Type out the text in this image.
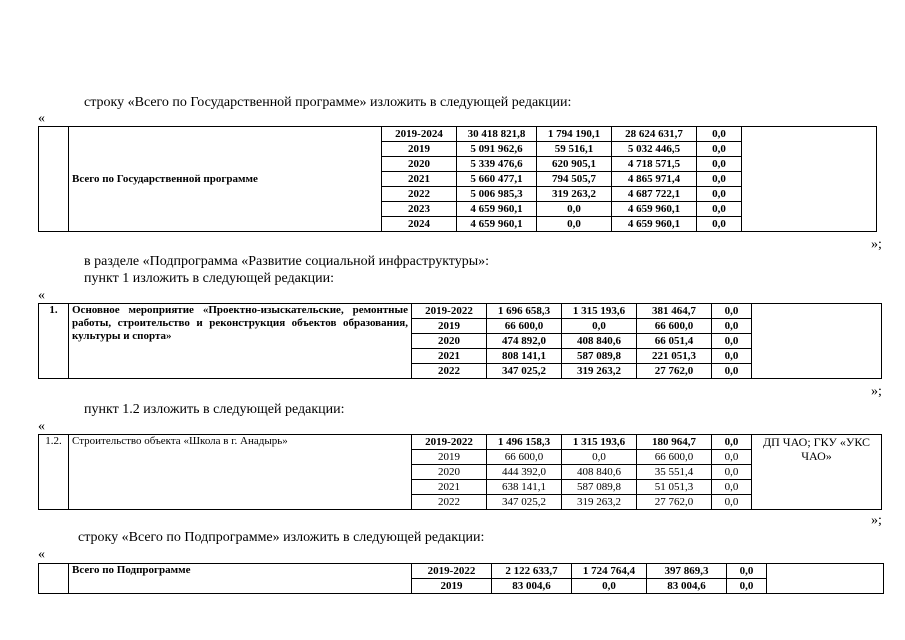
строку «Всего по Государственной программе» изложить в следующей редакции:
«
	Всего по Государственной программе	2019-2024	30 418 821,8	1 794 190,1	28 624 631,7	0,0	
		2019	5 091 962,6	59 516,1	5 032 446,5	0,0	
		2020	5 339 476,6	620 905,1	4 718 571,5	0,0	
		2021	5 660 477,1	794 505,7	4 865 971,4	0,0	
		2022	5 006 985,3	319 263,2	4 687 722,1	0,0	
		2023	4 659 960,1	0,0	4 659 960,1	0,0	
		2024	4 659 960,1	0,0	4 659 960,1	0,0	
»;
в разделе «Подпрограмма «Развитие социальной инфраструктуры»:
пункт 1 изложить в следующей редакции:
«
1.	Основное мероприятие «Проектно-изыскательские, ремонтные работы, строительство и реконструкция объектов образования, культуры и спорта»	2019-2022	1 696 658,3	1 315 193,6	381 464,7	0,0	
		2019	66 600,0	0,0	66 600,0	0,0	
		2020	474 892,0	408 840,6	66 051,4	0,0	
		2021	808 141,1	587 089,8	221 051,3	0,0	
		2022	347 025,2	319 263,2	27 762,0	0,0	
»;
пункт 1.2 изложить в следующей редакции:
«
1.2.	Строительство объекта «Школа в г. Анадырь»	2019-2022	1 496 158,3	1 315 193,6	180 964,7	0,0	ДП ЧАО; ГКУ «УКС ЧАО»
		2019	66 600,0	0,0	66 600,0	0,0	
		2020	444 392,0	408 840,6	35 551,4	0,0	
		2021	638 141,1	587 089,8	51 051,3	0,0	
		2022	347 025,2	319 263,2	27 762,0	0,0	
»;
строку «Всего по Подпрограмме» изложить в следующей редакции:
«
	Всего по Подпрограмме	2019-2022	2 122 633,7	1 724 764,4	397 869,3	0,0	
		2019	83 004,6	0,0	83 004,6	0,0	
